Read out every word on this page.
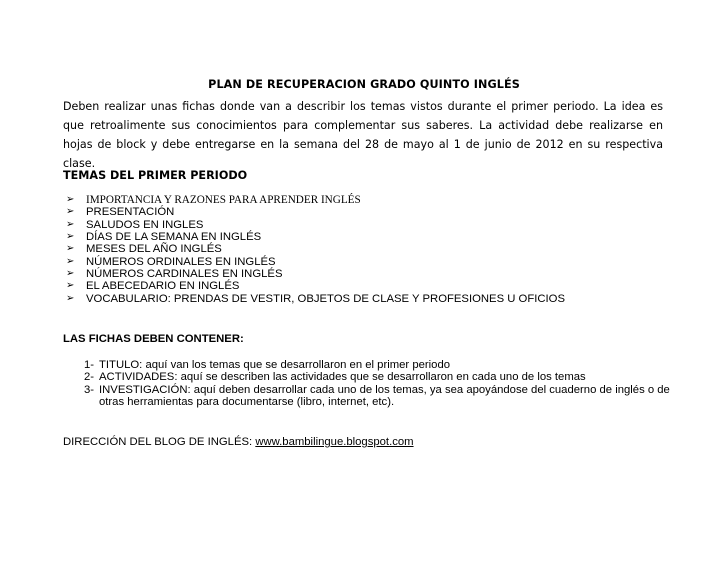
PLAN DE RECUPERACION GRADO QUINTO INGLÉS
Deben realizar unas fichas donde van a describir los temas vistos durante el primer periodo. La idea es que retroalimente sus conocimientos para complementar sus saberes. La actividad debe realizarse en hojas de block y debe entregarse en la semana del 28 de mayo al 1 de junio de 2012 en su respectiva clase.
TEMAS DEL PRIMER PERIODO
➢	IMPORTANCIA Y RAZONES PARA APRENDER INGLÉS
➢	PRESENTACIÓN
➢	SALUDOS EN INGLES
➢	DÍAS DE LA SEMANA EN INGLÉS
➢	MESES DEL AÑO INGLÉS
➢	NÚMEROS ORDINALES EN INGLÉS
➢	NÚMEROS CARDINALES EN INGLÉS
➢	EL ABECEDARIO EN INGLÉS
➢	VOCABULARIO: PRENDAS DE VESTIR, OBJETOS DE CLASE Y PROFESIONES U OFICIOS
LAS FICHAS DEBEN CONTENER:
1- TITULO: aquí van los temas que se desarrollaron en el primer periodo
2- ACTIVIDADES: aquí se describen las actividades que se desarrollaron en cada uno de los temas
3- INVESTIGACIÓN: aquí deben desarrollar cada uno de los temas, ya sea apoyándose del cuaderno de inglés o de otras herramientas para documentarse (libro, internet, etc).
DIRECCIÓN DEL BLOG DE INGLÉS: www.bambilingue.blogspot.com
